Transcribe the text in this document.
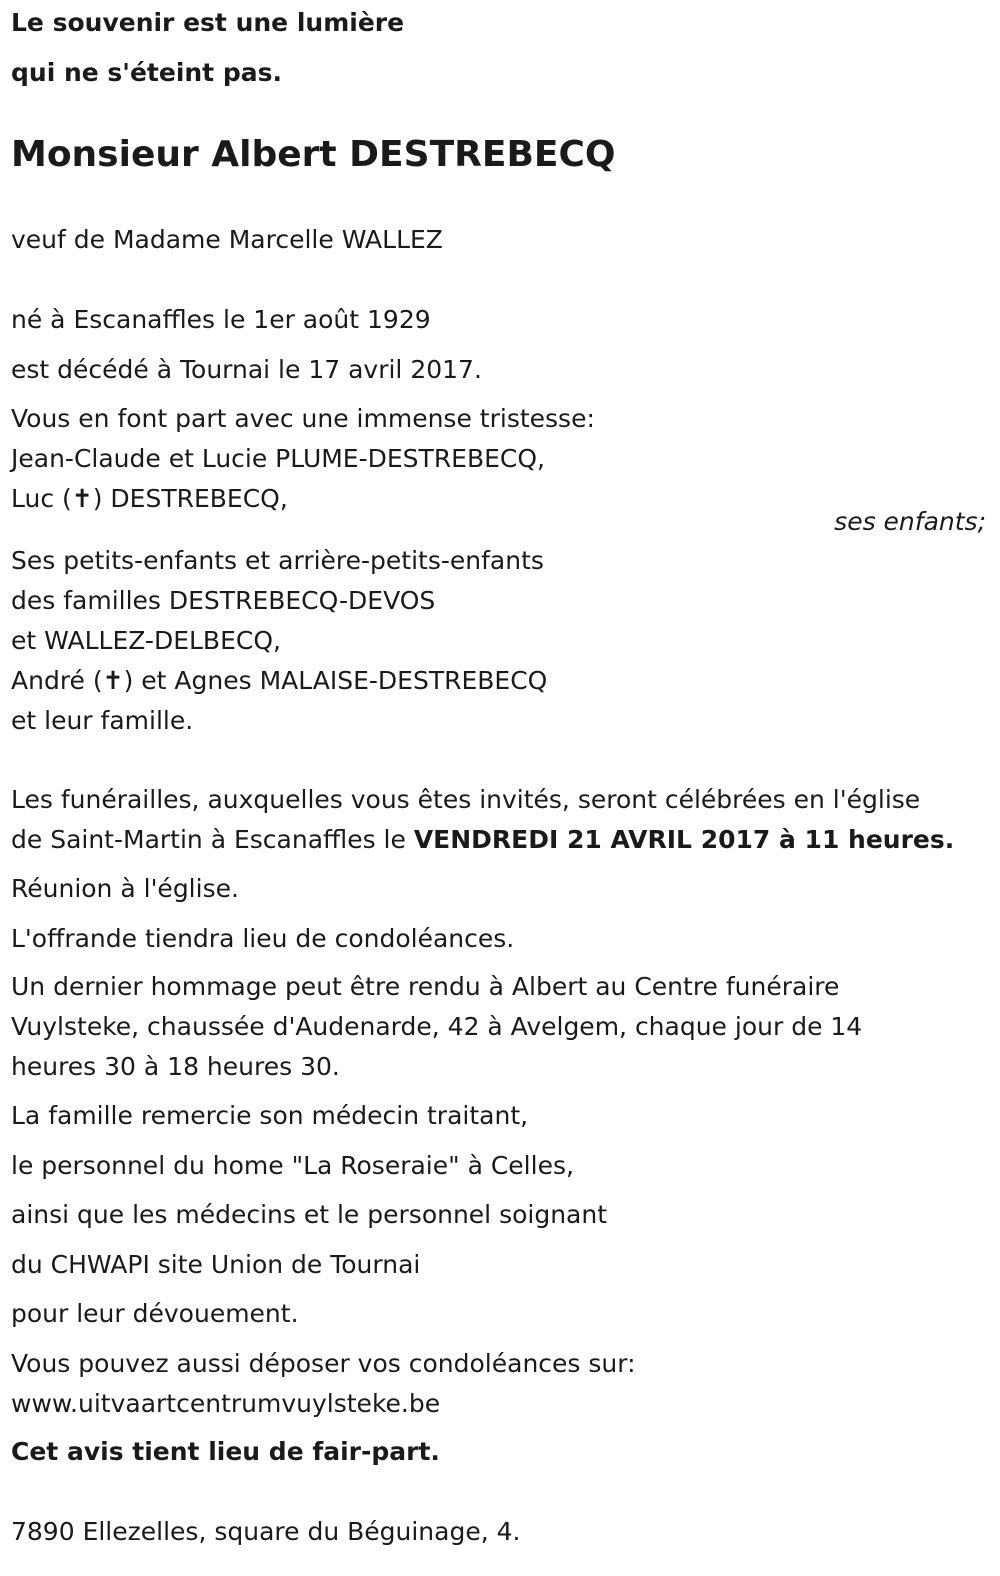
Le souvenir est une lumière
qui ne s'éteint pas.
Monsieur Albert DESTREBECQ
veuf de Madame Marcelle WALLEZ
né à Escanaffles le 1er août 1929
est décédé à Tournai le 17 avril 2017.
Vous en font part avec une immense tristesse:
Jean-Claude et Lucie PLUME-DESTREBECQ,
Luc (✝) DESTREBECQ,
ses enfants;
Ses petits-enfants et arrière-petits-enfants
des familles DESTREBECQ-DEVOS
et WALLEZ-DELBECQ,
André (✝) et Agnes MALAISE-DESTREBECQ
et leur famille.
Les funérailles, auxquelles vous êtes invités, seront célébrées en l'église
de Saint-Martin à Escanaffles le VENDREDI 21 AVRIL 2017 à 11 heures.
Réunion à l'église.
L'offrande tiendra lieu de condoléances.
Un dernier hommage peut être rendu à Albert au Centre funéraire
Vuylsteke, chaussée d'Audenarde, 42 à Avelgem, chaque jour de 14
heures 30 à 18 heures 30.
La famille remercie son médecin traitant,
le personnel du home "La Roseraie" à Celles,
ainsi que les médecins et le personnel soignant
du CHWAPI site Union de Tournai
pour leur dévouement.
Vous pouvez aussi déposer vos condoléances sur:
www.uitvaartcentrumvuylsteke.be
Cet avis tient lieu de fair-part.
7890 Ellezelles, square du Béguinage, 4.
